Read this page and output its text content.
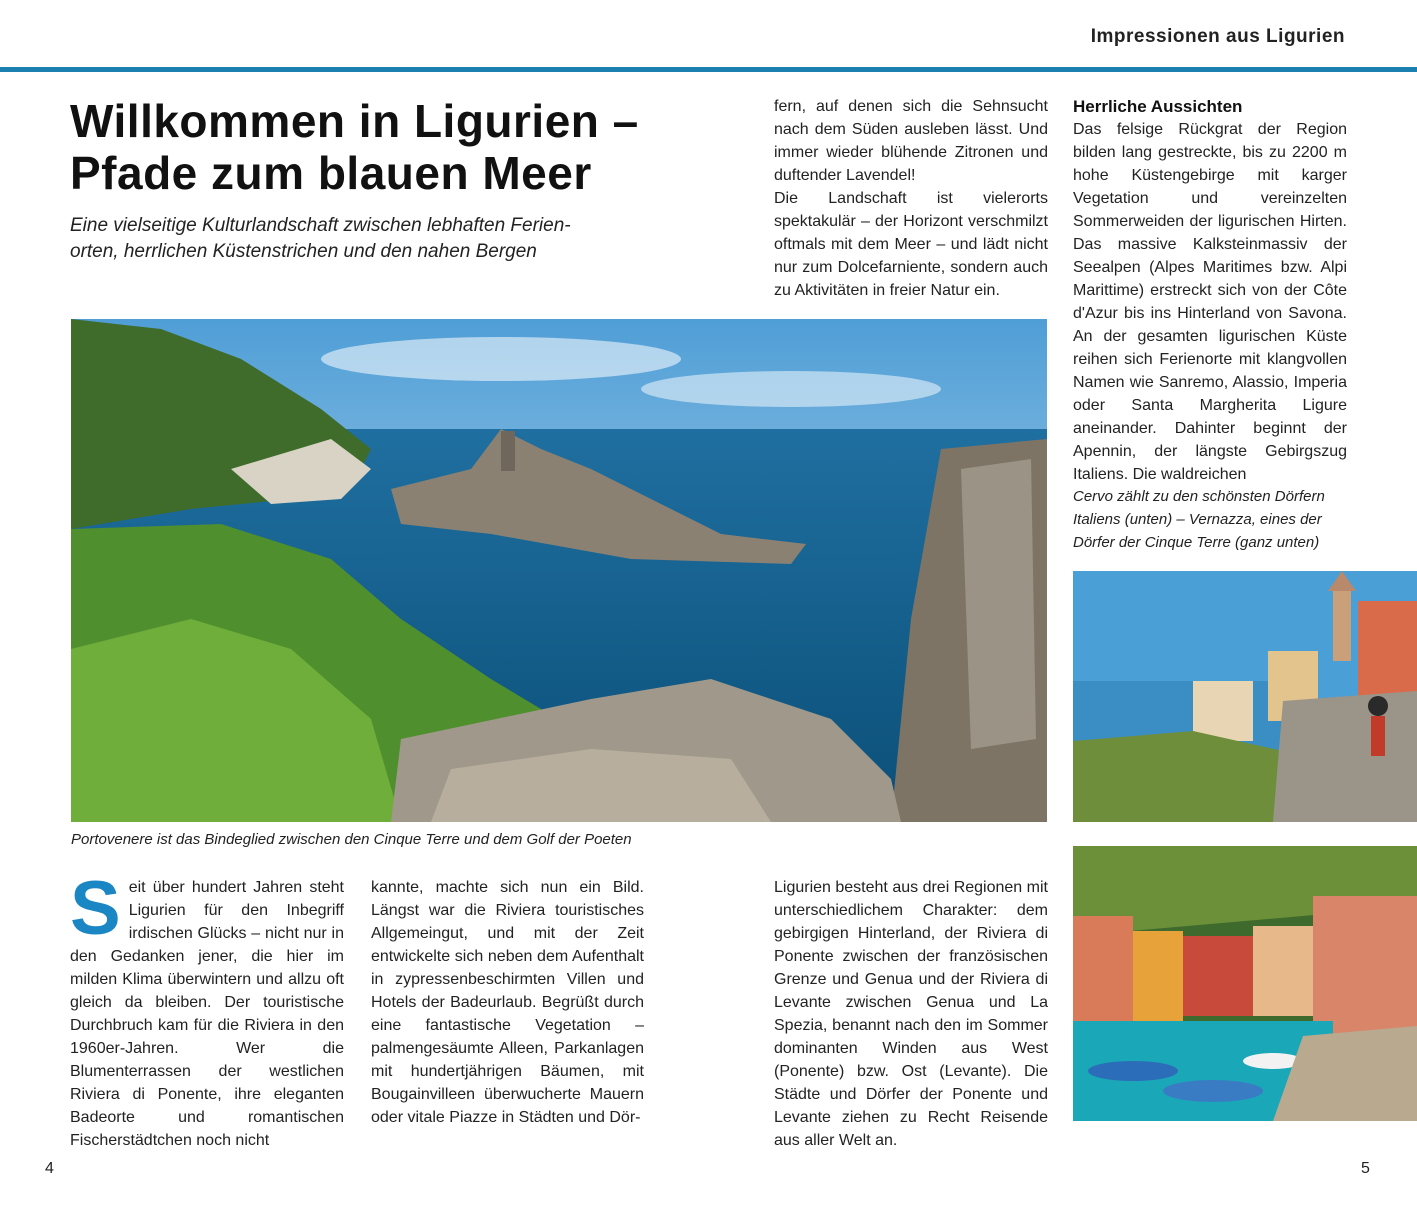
Impressionen aus Ligurien
Willkommen in Ligurien –
Pfade zum blauen Meer

Eine vielseitige Kulturlandschaft zwischen lebhaften Ferien-
orten, herrlichen Küstenstrichen und den nahen Bergen

fern, auf denen sich die Sehnsucht nach dem Süden ausleben lässt. Und immer wieder blühende Zitronen und duftender Lavendel!

Die Landschaft ist vielerorts spektakulär – der Horizont verschmilzt oftmals mit dem Meer – und lädt nicht nur zum Dolcefarniente, sondern auch zu Aktivitäten in freier Natur ein.

Herrliche Aussichten

Das felsige Rückgrat der Region bilden lang gestreckte, bis zu 2200 m hohe Küstengebirge mit karger Vegetation und vereinzelten Sommerweiden der ligurischen Hirten. Das massive Kalksteinmassiv der Seealpen (Alpes Maritimes bzw. Alpi Marittime) erstreckt sich von der Côte d'Azur bis ins Hinterland von Savona. An der gesamten ligurischen Küste reihen sich Ferienorte mit klangvollen Namen wie Sanremo, Alassio, Imperia oder Santa Margherita Ligure aneinander. Dahinter beginnt der Apennin, der längste Gebirgszug Italiens. Die waldreichen

Cervo zählt zu den schönsten Dörfern Italiens (unten) – Vernazza, eines der Dörfer der Cinque Terre (ganz unten)

Portovenere ist das Bindeglied zwischen den Cinque Terre und dem Golf der Poeten

S eit über hundert Jahren steht Ligurien für den Inbegriff irdischen Glücks – nicht nur in den Gedanken jener, die hier im milden Klima überwintern und allzu oft gleich da bleiben. Der touristische Durchbruch kam für die Riviera in den 1960er-Jahren. Wer die Blumenterrassen der westlichen Riviera di Ponente, ihre eleganten Badeorte und romantischen Fischerstädtchen noch nicht
kannte, machte sich nun ein Bild. Längst war die Riviera touristisches Allgemeingut, und mit der Zeit entwickelte sich neben dem Aufenthalt in zypressenbeschirmten Villen und Hotels der Badeurlaub. Begrüßt durch eine fantastische Vegetation – palmengesäumte Alleen, Parkanlagen mit hundertjährigen Bäumen, mit Bougainvilleen überwucherte Mauern oder vitale Piazze in Städten und Dör-
Ligurien besteht aus drei Regionen mit unterschiedlichem Charakter: dem gebirgigen Hinterland, der Riviera di Ponente zwischen der französischen Grenze und Genua und der Riviera di Levante zwischen Genua und La Spezia, benannt nach den im Sommer dominanten Winden aus West (Ponente) bzw. Ost (Levante). Die Städte und Dörfer der Ponente und Levante ziehen zu Recht Reisende aus aller Welt an.
4	5
